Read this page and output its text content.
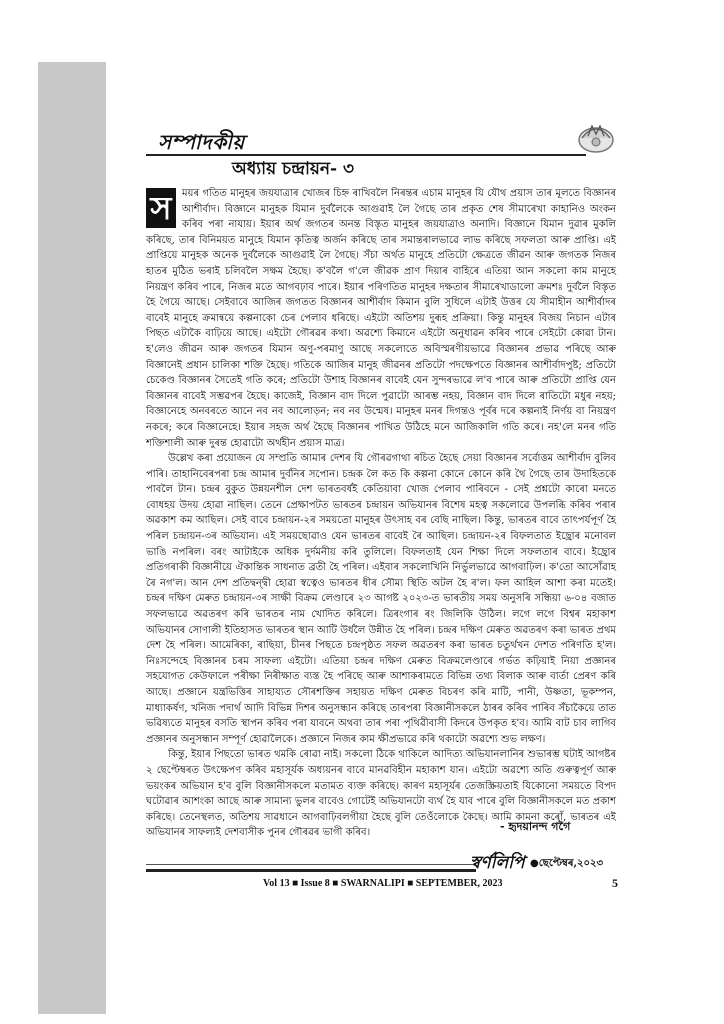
সম্পাদকীয়
অধ্যায় চন্দ্ৰায়ন- ৩

স	ময়ৰ গতিত মানুহৰ জয়যাত্ৰাৰ খোজৰ চিহ্ন ৰাখিবলৈ নিৰন্তৰ এচাম মানুহৰ যি যৌথ প্ৰয়াস তাৰ মূলতে বিজ্ঞানৰ আশীৰ্বাদ। বিজ্ঞানে মানুহক যিমান দুৰ্বলৈকে আগুৱাই লৈ গৈছে তাৰ প্ৰকৃত শেষ সীমাৰেখা কাহানিও অংকন কৰিব পৰা নাযায়। ইয়াৰ অৰ্থ জগতৰ অনন্ত বিস্তৃত মানুহৰ জয়যাত্ৰাও অনাদি। বিজ্ঞানে যিমান দুৱাৰ মুকলি কৰিছে, তাৰ বিনিময়ত মানুহে যিমান কৃতিত্ব অৰ্জন কৰিছে তাৰ সমান্তৰালভাৱে লাভ কৰিছে সফলতা আৰু প্ৰাপ্তি। এই প্ৰাপ্তিয়ে মানুহক অনেক দুৰ্বলৈকে আগুৱাই লৈ গৈছে। সঁচা অৰ্থত মানুহে প্ৰতিটো ক্ষেত্ৰতে জীৱন আৰু জগতক নিজৰ হাতৰ মুঠিত ভৰাই চলিবলৈ সক্ষম হৈছে। ক'বলৈ গ'লে জীৱক প্ৰাণ দিয়াৰ বাহিৰে এতিয়া আন সকলো কাম মানুহে নিয়ন্ত্ৰণ কৰিব পাৰে, নিজৰ মতে আগবঢ়াব পাৰে। ইয়াৰ পৰিণতিত মানুহৰ দক্ষতাৰ সীমাৰেখাডালো ক্ৰমশঃ দুৰ্বলৈ বিস্তৃত হৈ গৈয়ে আছে। সেইবাবে আজিৰ জগতত বিজ্ঞানৰ আশীৰ্বাদ কিমান বুলি সুধিলে এটাই উত্তৰ যে সীমাহীন আশীৰ্বাদৰ বাবেই মানুহে ক্ৰমান্বয়ে কল্পনাকো চেৰ পেলাব ধৰিছে। এইটো অতিশয় দুৰূহ প্ৰক্ৰিয়া। কিন্তু মানুহৰ বিজয় নিচান এটাৰ পিছত এটাকৈ বাঢ়িয়ে আছে। এইটো গৌৰৱৰ কথা। অৱশ্যে কিমানে এইটো অনুধাৱন কৰিব পাৰে সেইটো কোৱা টান। হ'লেও জীৱন আৰু জগতৰ যিমান অণু-পৰমাণু আছে সকলোতে অবিস্মৰণীয়ভাৱে বিজ্ঞানৰ প্ৰভাৱ পৰিছে আৰু বিজ্ঞানেই প্ৰধান চালিকা শক্তি হৈছে। গতিকে আজিৰ মানুহ জীৱনৰ প্ৰতিটো পদক্ষেপতে বিজ্ঞানৰ আশীৰ্বাদপুষ্ট; প্ৰতিটো চেকেণ্ড বিজ্ঞানৰ সৈতেই গতি কৰে; প্ৰতিটো উশাহ বিজ্ঞানৰ বাবেই যেন সুন্দৰভাৱে ল'ব পাৰে আৰু প্ৰতিটো প্ৰাপ্তি যেন বিজ্ঞানৰ বাবেই সম্ভৱপৰ হৈছে। কাজেই, বিজ্ঞান বাদ দিলে পুৱাটো আৰম্ভ নহয়, বিজ্ঞান বাদ দিলে ৰাতিটো মধুৰ নহয়; বিজ্ঞানেহে অনবৰতে আনে নব নব আলোড়ন; নব নব উন্মেষ। মানুহৰ মনৰ দিগন্তও পূৰ্বৰ দৰে কল্পনাই নিৰ্ণয় বা নিয়ন্ত্ৰণ নকৰে; কৰে বিজ্ঞানেহে। ইয়াৰ সহজ অৰ্থ হৈছে বিজ্ঞানৰ পাখিত উঠিহে মনে আজিকালি গতি কৰে। নহ'লে মনৰ গতি শক্তিশালী আৰু দুৰন্ত হোৱাটো অৰ্থহীন প্ৰয়াস মাত্ৰ।

উল্লেখ কৰা প্ৰয়োজন যে সম্প্ৰতি আমাৰ দেশৰ যি গৌৰৱগাথা ৰচিত হৈছে সেয়া বিজ্ঞানৰ সৰ্বোত্তম আশীৰ্বাদ বুলিব পাৰি। তাহানিবেৰপৰা চন্দ্ৰ আমাৰ দুৰ্বনিৰ সপোন। চন্দ্ৰক লৈ কত কি কল্পনা কোনে কোনে কৰি থৈ গৈছে তাৰ উদাহিতকে পাবলৈ টান। চন্দ্ৰৰ বুকুত উন্নয়নশীল দেশ ভাৰতবৰ্ষই কেতিয়াবা খোজ পেলাব পাৰিবনে - সেই প্ৰশ্নটো কাৰো মনতে বোধহয় উদয় হোৱা নাছিল। তেনে প্ৰেক্ষাপটত ভাৰতৰ চন্দ্ৰায়ন অভিযানৰ বিশেষ মহত্ব সকলোৱে উপলব্ধি কৰিব পৰাৰ অৱকাশ কম আছিল। সেই বাবে চন্দ্ৰায়ন-২ৰ সময়তো মানুহৰ উৎসাহ বৰ বেছি নাছিল। কিন্তু, ভাৰতৰ বাবে তাৎপৰ্যপূৰ্ণ হৈ পৰিল চন্দ্ৰায়ন-৩ৰ অভিযান। এই সময়ছোৱাও যেন ভাৰতৰ বাবেই ৰৈ আছিল। চন্দ্ৰায়ন-২ৰ বিফলতাত ইছ্ৰোৰ মনোবল ভাঙি নপৰিল। বৰং আটাইকে অধিক দুৰ্দমনীয় কৰি তুলিলে। বিফলতাই যেন শিক্ষা দিলে সফলতাৰ বাবে। ইছ্ৰোৰ প্ৰতিগৰাকী বিজ্ঞানীয়ে ঐকান্তিক সাধনাত ব্ৰতী হৈ পৰিল। এইবাৰ সকলোখিনি নিৰ্ভুলভাৱে আগবাঢ়িল। ক'তো আসোঁৱাহ ৰৈ নগ'ল। আন দেশ প্ৰতিদ্বন্দ্বী হোৱা স্বত্বেও ভাৰতৰ ধীৰ সৌম্য স্থিতি অটল হৈ ৰ'ল। ফল আহিল আশা কৰা মতেই। চন্দ্ৰৰ দক্ষিণ মেৰুত চন্দ্ৰায়ন-৩ৰ সাক্ষী বিক্ৰম লেণ্ডাৰে ২৩ আগষ্ট ২০২৩-ত ভাৰতীয় সময় অনুসৰি সন্ধিয়া ৬-০৪ বজাত সফলভাৱে অৱতৰণ কৰি ভাৰতৰ নাম খোদিত কৰিলে। ত্ৰিৰংগাৰ ৰং জিলিকি উঠিল। লগে লগে বিশ্বৰ মহাকাশ অভিযানৰ সোণালী ইতিহাসত ভাৰতৰ স্থান আটি উৰ্ধলৈ উন্নীত হৈ পৰিল। চন্দ্ৰৰ দক্ষিণ মেৰুত অৱতৰণ কৰা ভাৰত প্ৰথম দেশ হৈ পৰিল। আমেৰিকা, ৰাছিয়া, চীনৰ পিছতে চন্দ্ৰপৃষ্ঠত সফল অৱতৰণ কৰা ভাৰত চতুৰ্থখন দেশত পৰিণতি হ'ল। নিঃসন্দেহে বিজ্ঞানৰ চৰম সাফল্য এইটো। এতিয়া চন্দ্ৰৰ দক্ষিণ মেৰুত বিক্ৰমলেণ্ডাৰে গৰ্ভত কঢ়িয়াই নিয়া প্ৰজ্ঞানৰ সহযোগত কেউফালে পৰীক্ষা নিৰীক্ষাত ব্যস্ত হৈ পৰিছে আৰু আশাকৰামতে বিভিন্ন তথ্য বিলাক আৰু বাৰ্তা প্ৰেৰণ কৰি আছে। প্ৰজ্ঞানে যন্ত্ৰভিত্তিৰ সাহায্যত সৌৰশক্তিৰ সহায়ত দক্ষিণ মেৰুত বিচৰণ কৰি মাটি, পানী, উষ্ণতা, ভূকম্পন, মাধ্যাকৰ্ষণ, খনিজ পদাৰ্থ আদি বিভিন্ন দিশৰ অনুসন্ধান কৰিছে তাৰপৰা বিজ্ঞানীসকলে ঠাৰৰ কৰিব পাৰিব সঁচাকৈয়ে তাত ভৱিষ্যতে মানুহৰ বসতি স্থাপন কৰিব পৰা যাবনে অথবা তাৰ পৰা পৃথিৱীবাসী কিদৰে উপকৃত হ'ব। আমি বাট চাব লাগিব প্ৰজ্ঞানৰ অনুসন্ধান সম্পূৰ্ণ হোৱালৈকে। প্ৰজ্ঞানে নিজৰ কাম ক্ষীপ্ৰভাৱে কৰি থকাটো অৱশ্যে শুভ লক্ষণ।

কিন্তু, ইয়াৰ পিছতো ভাৰত থমকি ৰোৱা নাই। সকলো ঠিকে থাকিলে আদিত্য অভিযানলানিৰ শুভাৰম্ভ ঘটাই আগষ্টৰ ২ ছেপ্টেম্বৰত উৎক্ষেপণ কৰিব মহাসূৰ্যক অধ্যয়নৰ বাবে মানৱবিহীন মহাকাশ যান। এইটো অৱশ্যে অতি গুৰুত্বপূৰ্ণ আৰু ভয়ংকৰ অভিযান হ'ব বুলি বিজ্ঞানীসকলে মতামত ব্যক্ত কৰিছে। কাৰণ মহাসূৰ্যৰ তেজস্ক্ৰিয়তাই যিকোনো সময়তে বিপদ ঘটোৱাৰ আশংকা আছে আৰু সামান্য ভুলৰ বাবেও গোটেই অভিযানটো ব্যৰ্থ হৈ যাব পাৰে বুলি বিজ্ঞানীসকলে মত প্ৰকাশ কৰিছে। তেনেস্থলত, অতিশয় সাৱধানে আগবাঢ়িবলগীয়া হৈছে বুলি তেওঁলোকে কৈছে। আমি কামনা কৰোঁ, ভাৰতৰ এই অভিযানৰ সাফল্যই দেশবাসীক পুনৰ গৌৰৱৰ ভাগী কৰিব।	- হৃদয়ানন্দ গগৈ
স্বৰ্ণলিপি ●ছেপ্টেম্বৰ,২০২৩
Vol 13 ■ Issue 8 ■ SWARNALIPI ■ SEPTEMBER, 2023	5
